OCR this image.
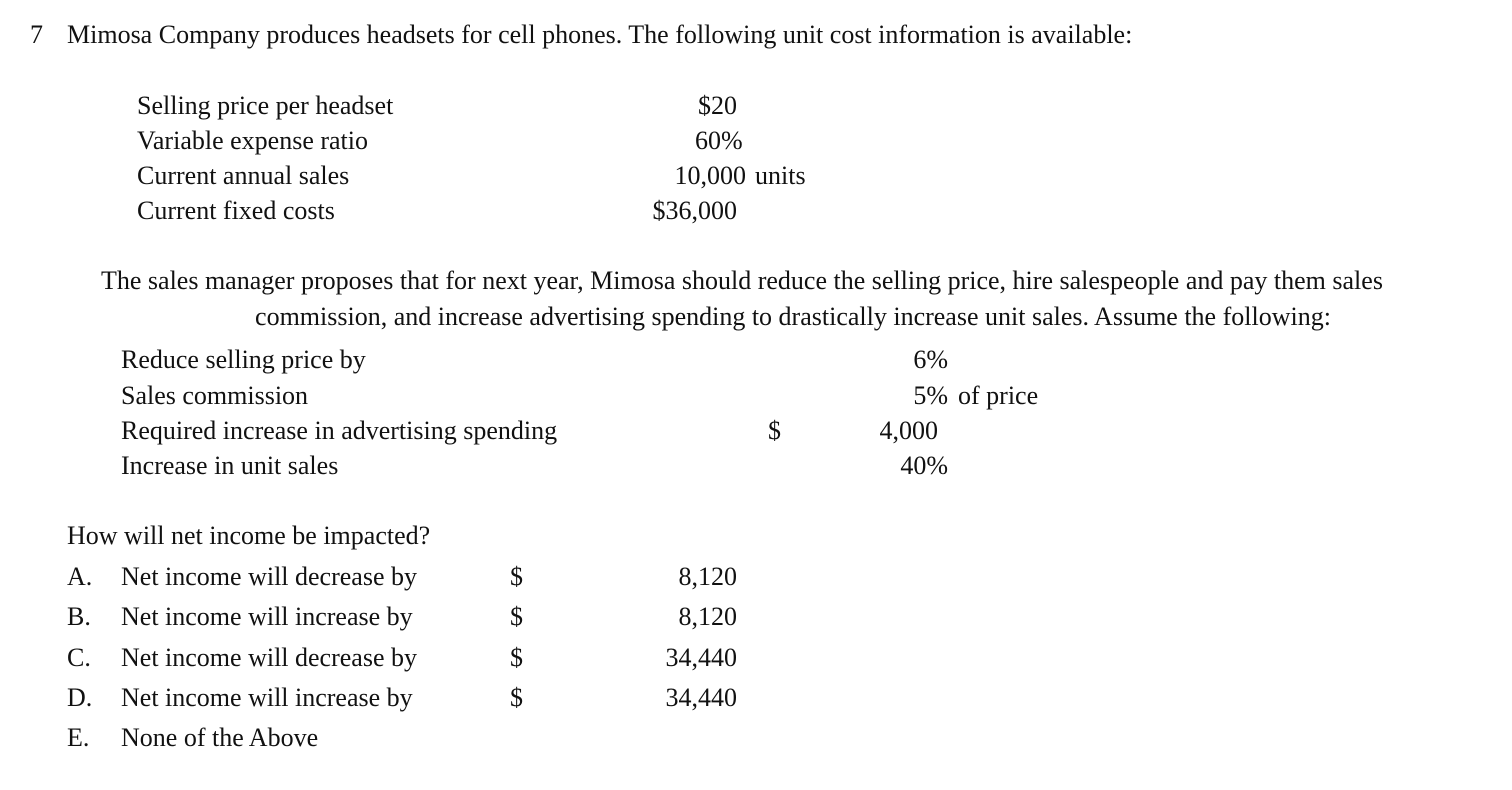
7 Mimosa Company produces headsets for cell phones. The following unit cost information is available:
Selling price per headset	$20
Variable expense ratio	60%
Current annual sales	10,000 units
Current fixed costs	$36,000
The sales manager proposes that for next year, Mimosa should reduce the selling price, hire salespeople and pay them sales
commission, and increase advertising spending to drastically increase unit sales. Assume the following:
Reduce selling price by	6%
Sales commission	5% of price
Required increase in advertising spending	$	4,000
Increase in unit sales	40%
How will net income be impacted?
A. Net income will decrease by	$	8,120
B. Net income will increase by	$	8,120
C. Net income will decrease by	$	34,440
D. Net income will increase by	$	34,440
E. None of the Above
